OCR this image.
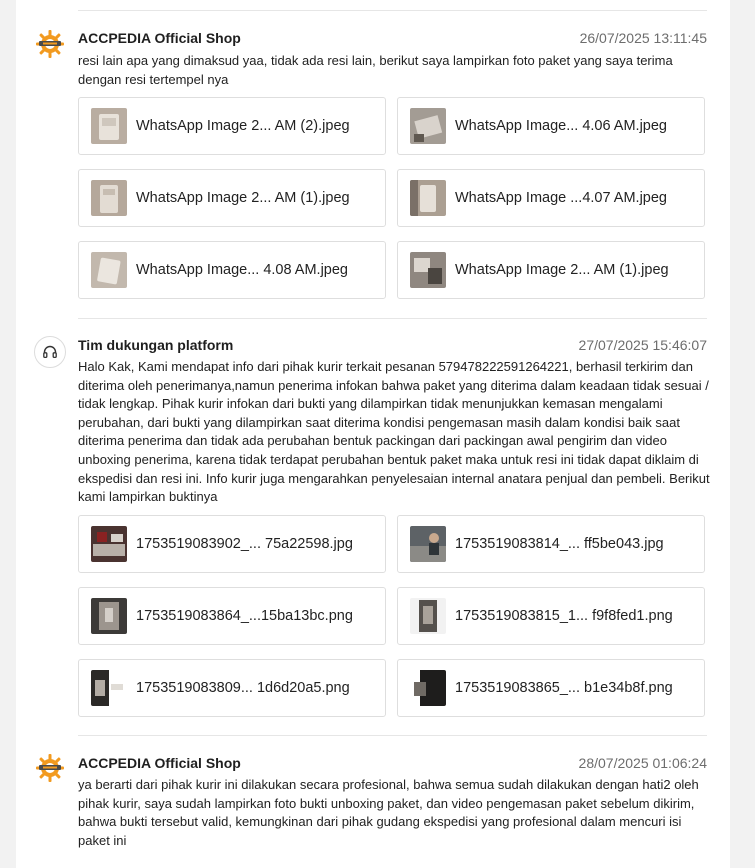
ACCPEDIA Official Shop	26/07/2025 13:11:45
resi lain apa yang dimaksud yaa, tidak ada resi lain, berikut saya lampirkan foto paket yang saya terima dengan resi tertempel nya
WhatsApp Image 2... AM (2).jpeg	WhatsApp Image... 4.06 AM.jpeg
WhatsApp Image 2... AM (1).jpeg	WhatsApp Image ...4.07 AM.jpeg
WhatsApp Image... 4.08 AM.jpeg	WhatsApp Image 2... AM (1).jpeg
Tim dukungan platform	27/07/2025 15:46:07
Halo Kak, Kami mendapat info dari pihak kurir terkait pesanan 579478222591264221, berhasil terkirim dan diterima oleh penerimanya,namun penerima infokan bahwa paket yang diterima dalam keadaan tidak sesuai / tidak lengkap. Pihak kurir infokan dari bukti yang dilampirkan tidak menunjukkan kemasan mengalami perubahan, dari bukti yang dilampirkan saat diterima kondisi pengemasan masih dalam kondisi baik saat diterima penerima dan tidak ada perubahan bentuk packingan dari packingan awal pengirim dan video unboxing penerima, karena tidak terdapat perubahan bentuk paket maka untuk resi ini tidak dapat diklaim di ekspedisi dan resi ini. Info kurir juga mengarahkan penyelesaian internal anatara penjual dan pembeli. Berikut kami lampirkan buktinya
1753519083902_... 75a22598.jpg	1753519083814_... ff5be043.jpg
1753519083864_...15ba13bc.png	1753519083815_1... f9f8fed1.png
1753519083809... 1d6d20a5.png	1753519083865_... b1e34b8f.png
ACCPEDIA Official Shop	28/07/2025 01:06:24
ya berarti dari pihak kurir ini dilakukan secara profesional, bahwa semua sudah dilakukan dengan hati2 oleh pihak kurir, saya sudah lampirkan foto bukti unboxing paket, dan video pengemasan paket sebelum dikirim, bahwa bukti tersebut valid, kemungkinan dari pihak gudang ekspedisi yang profesional dalam mencuri isi paket ini
